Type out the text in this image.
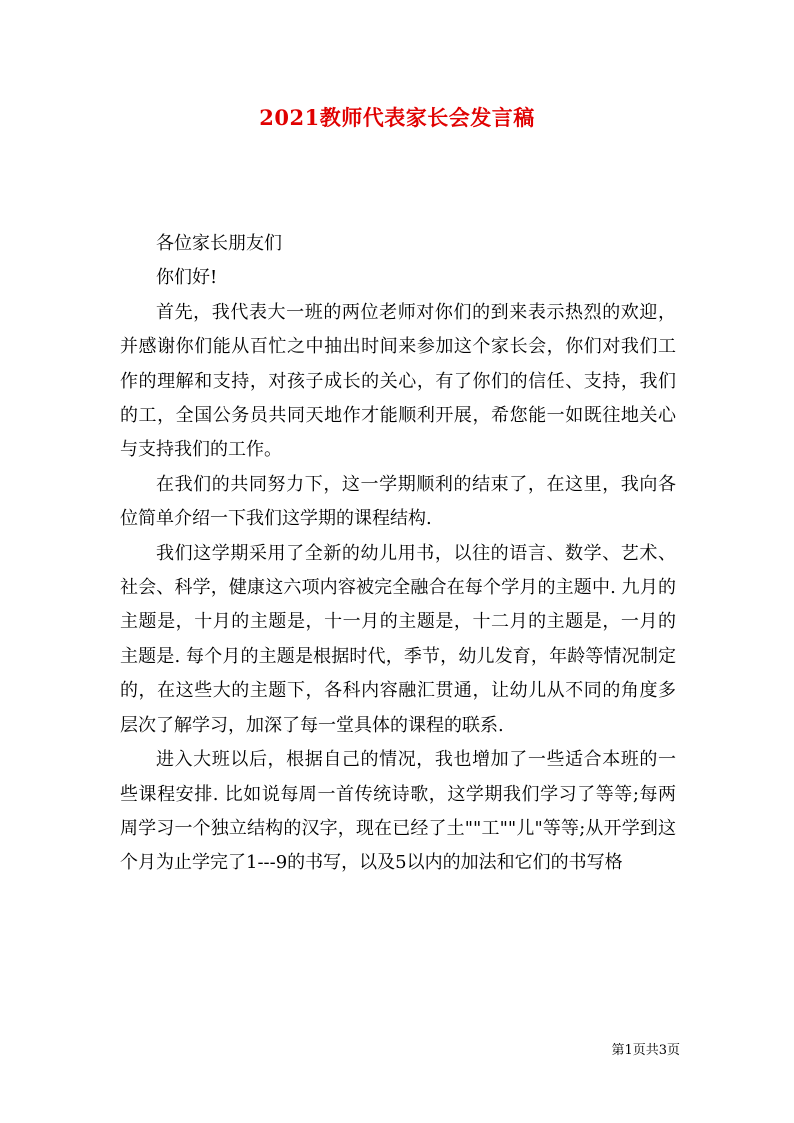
2021教师代表家长会发言稿

各位家长朋友们

你们好!

首先，我代表大一班的两位老师对你们的到来表示热烈的欢迎，并感谢你们能从百忙之中抽出时间来参加这个家长会，你们对我们工作的理解和支持，对孩子成长的关心，有了你们的信任、支持，我们的工，全国公务员共同天地作才能顺利开展，希您能一如既往地关心与支持我们的工作。

在我们的共同努力下，这一学期顺利的结束了，在这里，我向各位简单介绍一下我们这学期的课程结构.

我们这学期采用了全新的幼儿用书，以往的语言、数学、艺术、社会、科学，健康这六项内容被完全融合在每个学月的主题中. 九月的主题是，十月的主题是，十一月的主题是，十二月的主题是，一月的主题是. 每个月的主题是根据时代，季节，幼儿发育，年龄等情况制定的，在这些大的主题下，各科内容融汇贯通，让幼儿从不同的角度多层次了解学习，加深了每一堂具体的课程的联系.

进入大班以后，根据自己的情况，我也增加了一些适合本班的一些课程安排. 比如说每周一首传统诗歌，这学期我们学习了等等;每两周学习一个独立结构的汉字，现在已经了土""工""儿"等等;从开学到这个月为止学完了1---9的书写，以及5以内的加法和它们的书写格

第1页共3页
